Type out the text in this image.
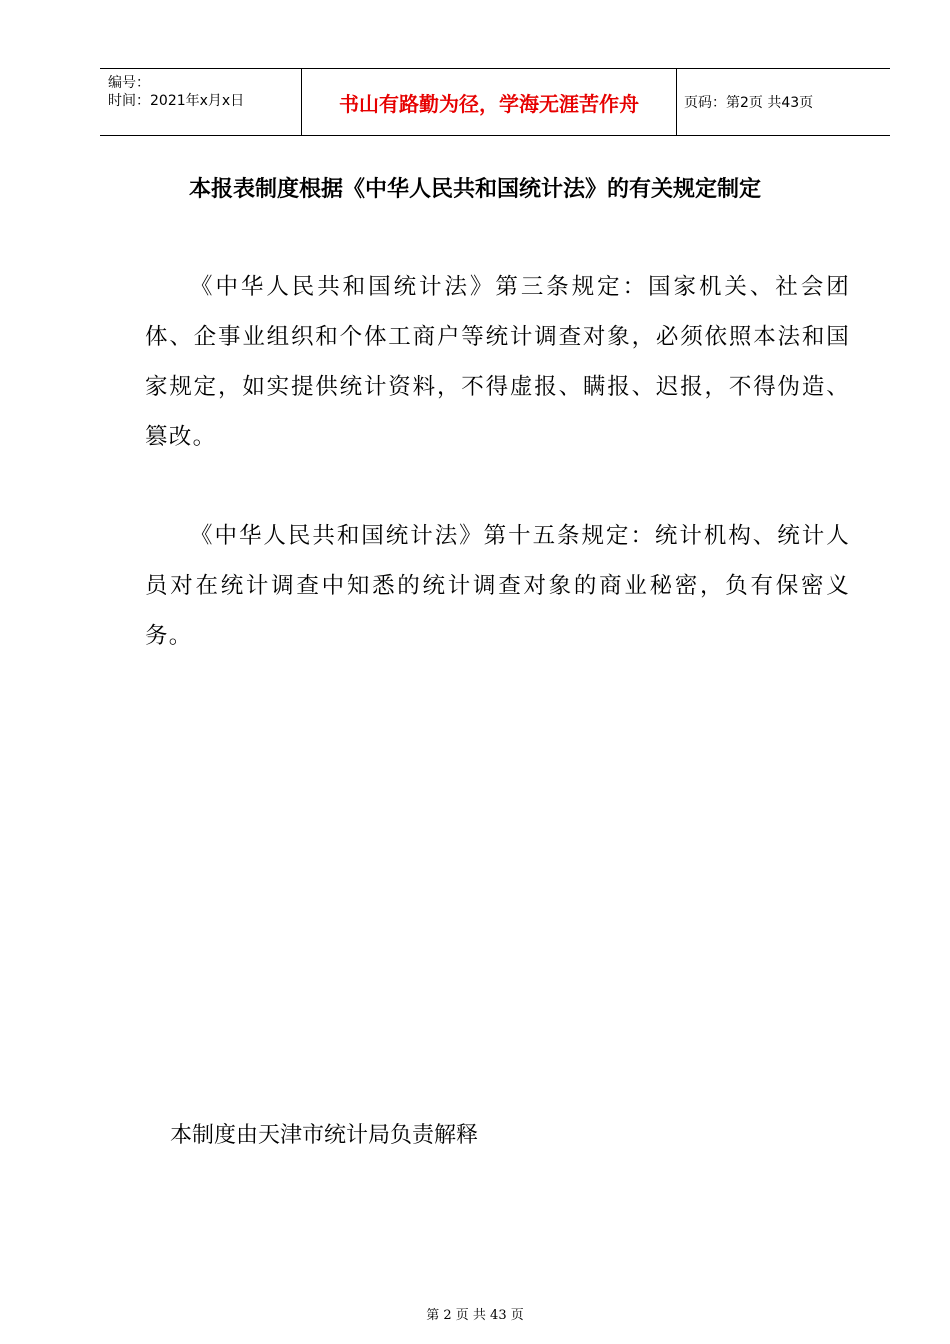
编号：
时间：2021年x月x日	书山有路勤为径，学海无涯苦作舟	页码：第2页 共43页
本报表制度根据《中华人民共和国统计法》的有关规定制定

《中华人民共和国统计法》第三条规定：国家机关、社会团体、企事业组织和个体工商户等统计调查对象，必须依照本法和国家规定，如实提供统计资料，不得虚报、瞒报、迟报，不得伪造、篡改。

《中华人民共和国统计法》第十五条规定：统计机构、统计人员对在统计调查中知悉的统计调查对象的商业秘密，负有保密义务。

本制度由天津市统计局负责解释
第 2 页 共 43 页
